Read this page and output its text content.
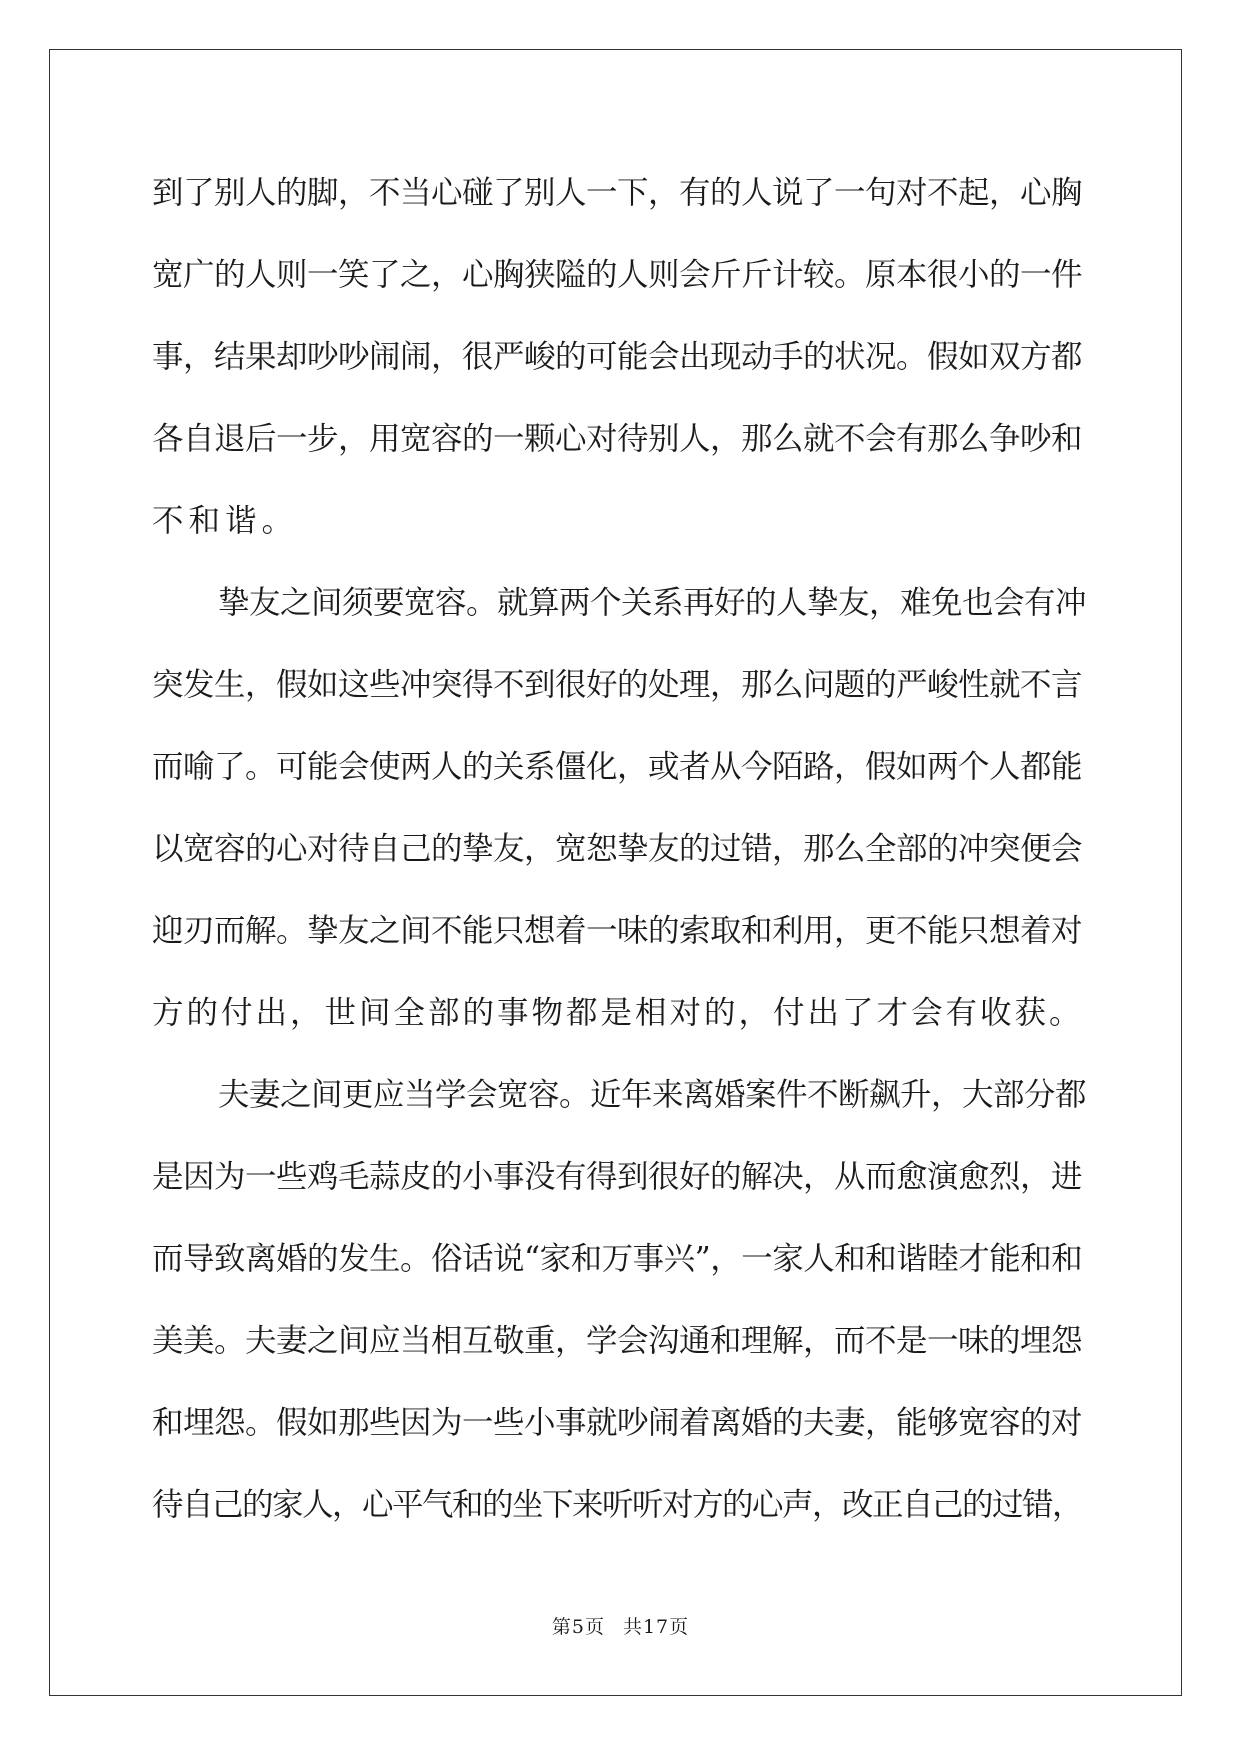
到了别人的脚，不当心碰了别人一下，有的人说了一句对不起，心胸
宽广的人则一笑了之，心胸狭隘的人则会斤斤计较。原本很小的一件
事，结果却吵吵闹闹，很严峻的可能会出现动手的状况。假如双方都
各自退后一步，用宽容的一颗心对待别人，那么就不会有那么争吵和
不和谐。
挚友之间须要宽容。就算两个关系再好的人挚友，难免也会有冲
突发生，假如这些冲突得不到很好的处理，那么问题的严峻性就不言
而喻了。可能会使两人的关系僵化，或者从今陌路，假如两个人都能
以宽容的心对待自己的挚友，宽恕挚友的过错，那么全部的冲突便会
迎刃而解。挚友之间不能只想着一味的索取和利用，更不能只想着对
方的付出，世间全部的事物都是相对的，付出了才会有收获。
夫妻之间更应当学会宽容。近年来离婚案件不断飙升，大部分都
是因为一些鸡毛蒜皮的小事没有得到很好的解决，从而愈演愈烈，进
而导致离婚的发生。俗话说“家和万事兴”，一家人和和谐睦才能和和
美美。夫妻之间应当相互敬重，学会沟通和理解，而不是一味的埋怨
和埋怨。假如那些因为一些小事就吵闹着离婚的夫妻，能够宽容的对
待自己的家人，心平气和的坐下来听听对方的心声，改正自己的过错，
第5页 共17页
